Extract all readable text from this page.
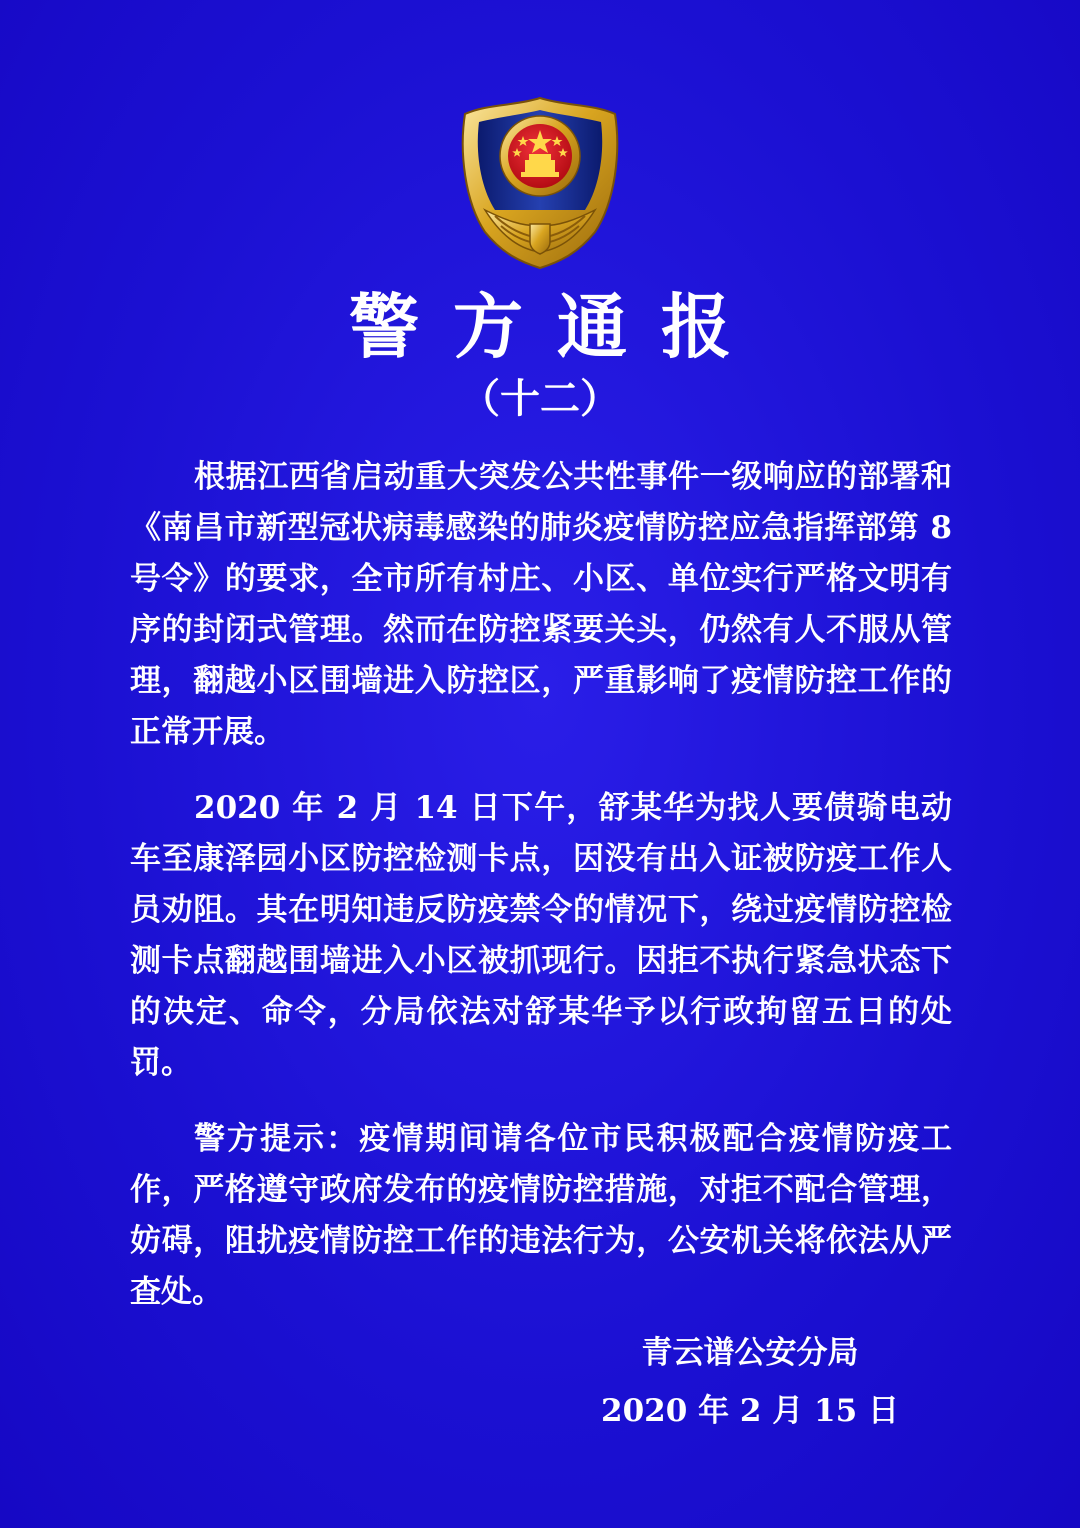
警方通报
（十二）

根据江西省启动重大突发公共性事件一级响应的部署和《南昌市新型冠状病毒感染的肺炎疫情防控应急指挥部第 8 号令》的要求，全市所有村庄、小区、单位实行严格文明有序的封闭式管理。然而在防控紧要关头，仍然有人不服从管理，翻越小区围墙进入防控区，严重影响了疫情防控工作的正常开展。

2020 年 2 月 14 日下午，舒某华为找人要债骑电动车至康泽园小区防控检测卡点，因没有出入证被防疫工作人员劝阻。其在明知违反防疫禁令的情况下，绕过疫情防控检测卡点翻越围墙进入小区被抓现行。因拒不执行紧急状态下的决定、命令，分局依法对舒某华予以行政拘留五日的处罚。

警方提示：疫情期间请各位市民积极配合疫情防疫工作，严格遵守政府发布的疫情防控措施，对拒不配合管理，妨碍，阻扰疫情防控工作的违法行为，公安机关将依法从严查处。

青云谱公安分局
2020 年 2 月 15 日
